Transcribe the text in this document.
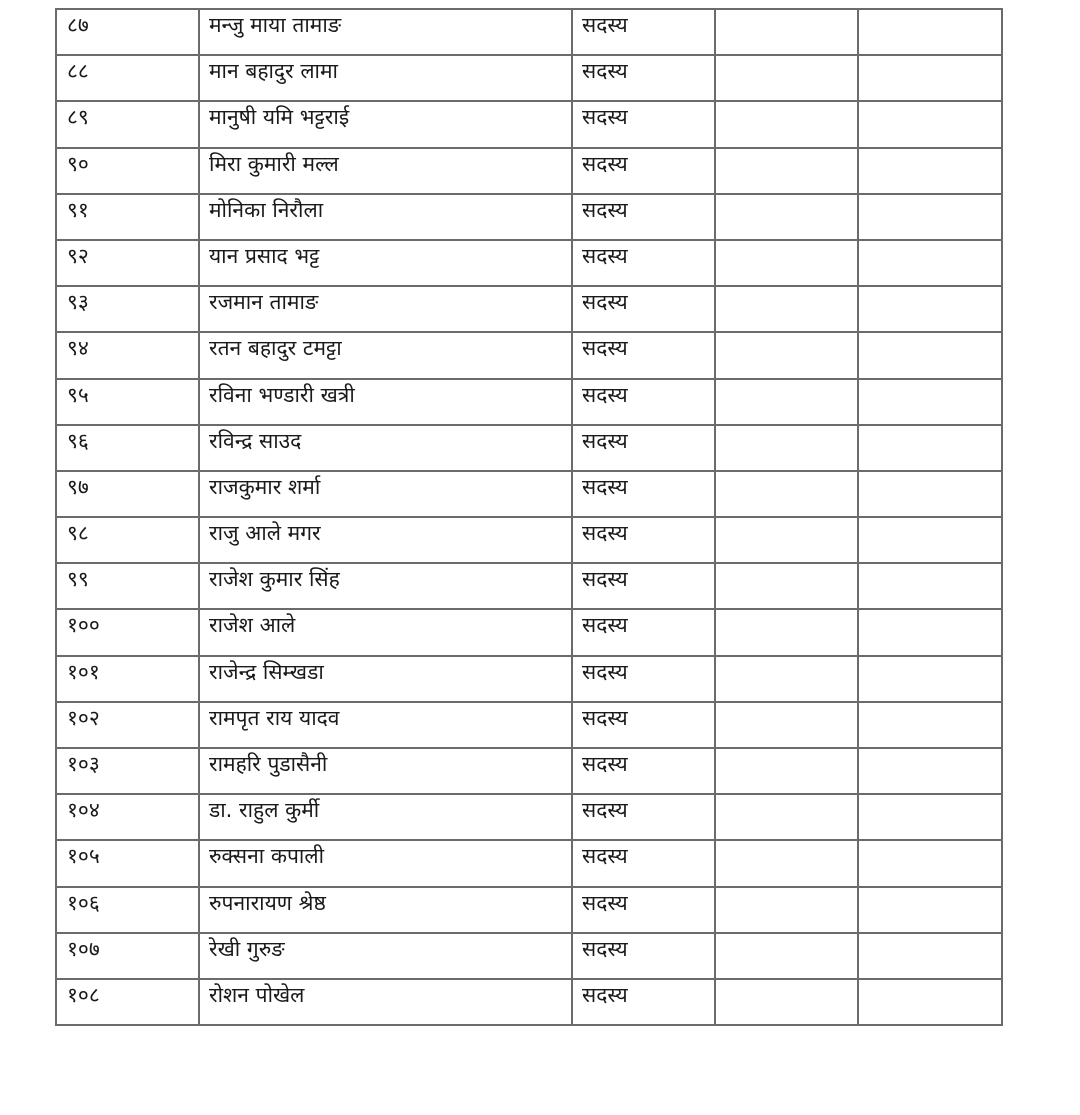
८७	मन्जु माया तामाङ	सदस्य		
८८	मान बहादुर लामा	सदस्य		
८९	मानुषी यमि भट्टराई	सदस्य		
९०	मिरा कुमारी मल्ल	सदस्य		
९१	मोनिका निरौला	सदस्य		
९२	यान प्रसाद भट्ट	सदस्य		
९३	रजमान तामाङ	सदस्य		
९४	रतन बहादुर टमट्टा	सदस्य		
९५	रविना भण्डारी खत्री	सदस्य		
९६	रविन्द्र साउद	सदस्य		
९७	राजकुमार शर्मा	सदस्य		
९८	राजु आले मगर	सदस्य		
९९	राजेश कुमार सिंह	सदस्य		
१००	राजेश आले	सदस्य		
१०१	राजेन्द्र सिम्खडा	सदस्य		
१०२	रामपृत राय यादव	सदस्य		
१०३	रामहरि पुडासैनी	सदस्य		
१०४	डा. राहुल कुर्मी	सदस्य		
१०५	रुक्सना कपाली	सदस्य		
१०६	रुपनारायण श्रेष्ठ	सदस्य		
१०७	रेखी गुरुङ	सदस्य		
१०८	रोशन पोखेल	सदस्य		
